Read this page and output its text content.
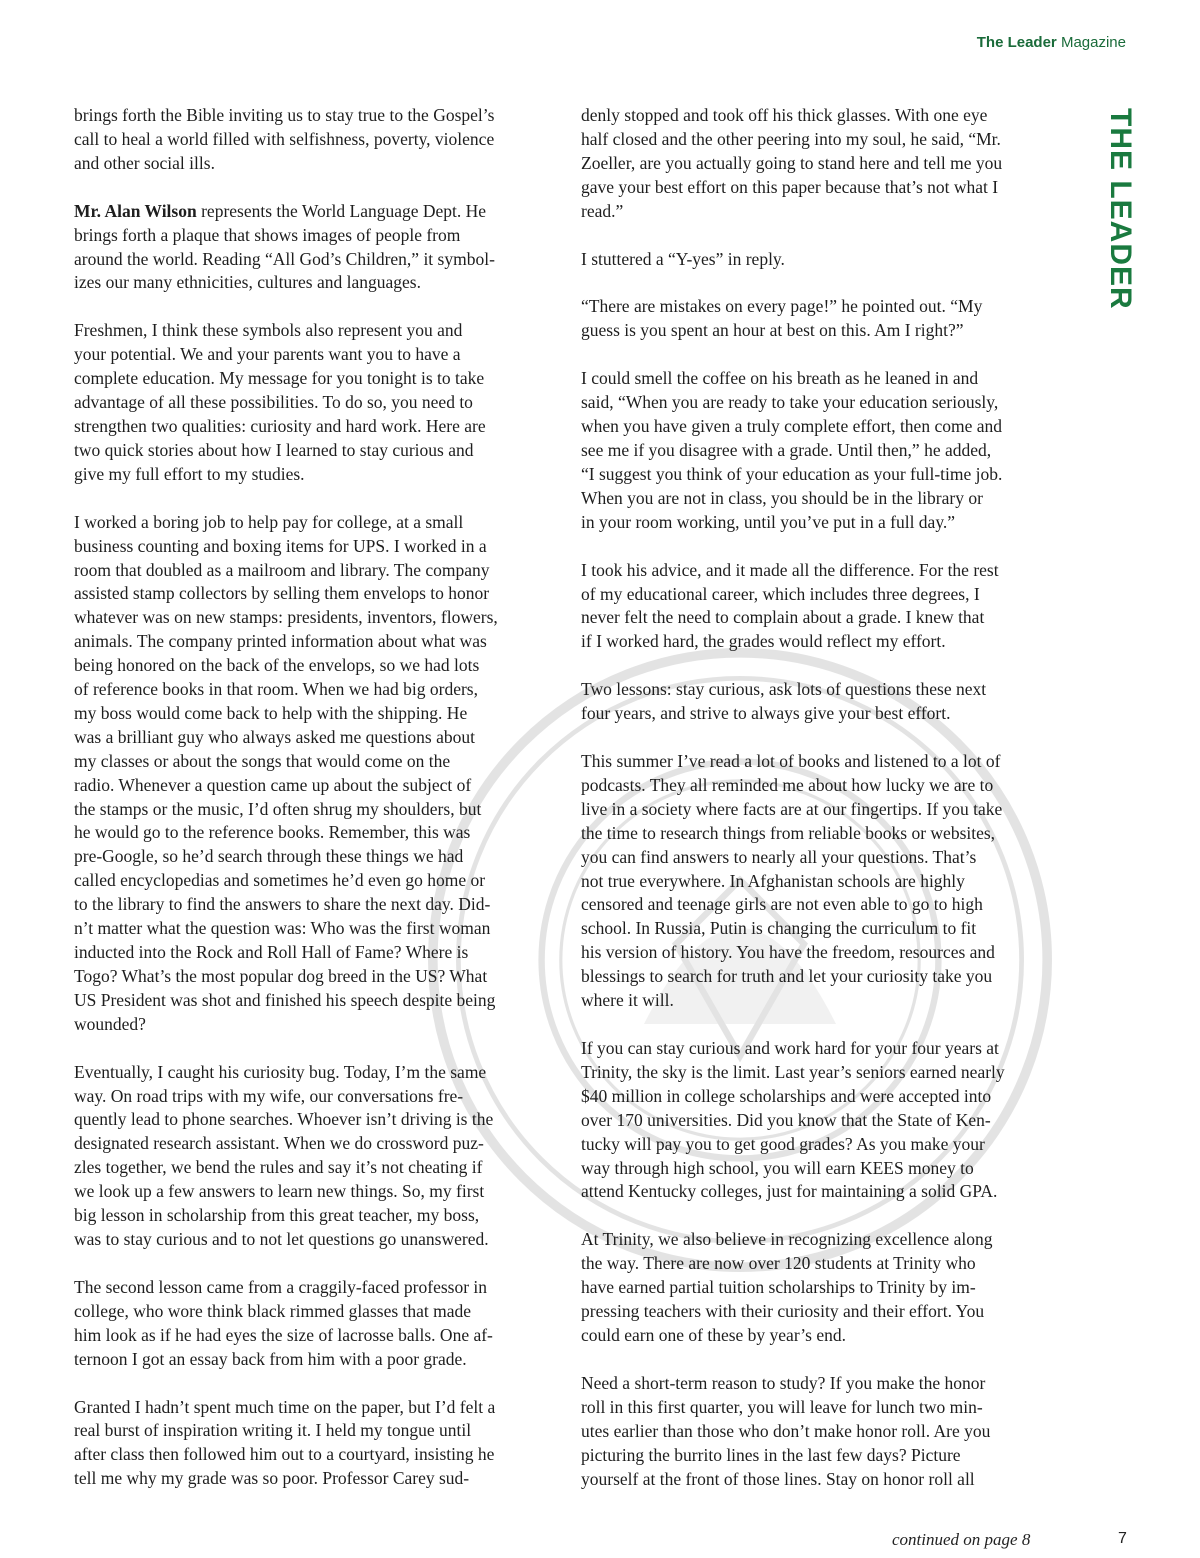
The Leader Magazine
THE LEADER

brings forth the Bible inviting us to stay true to the Gospel’s
call to heal a world filled with selfishness, poverty, violence
and other social ills.

Mr. Alan Wilson represents the World Language Dept. He
brings forth a plaque that shows images of people from
around the world. Reading “All God’s Children,” it symbol-
izes our many ethnicities, cultures and languages.

Freshmen, I think these symbols also represent you and
your potential. We and your parents want you to have a
complete education. My message for you tonight is to take
advantage of all these possibilities. To do so, you need to
strengthen two qualities: curiosity and hard work. Here are
two quick stories about how I learned to stay curious and
give my full effort to my studies.

I worked a boring job to help pay for college, at a small
business counting and boxing items for UPS. I worked in a
room that doubled as a mailroom and library. The company
assisted stamp collectors by selling them envelops to honor
whatever was on new stamps: presidents, inventors, flowers,
animals. The company printed information about what was
being honored on the back of the envelops, so we had lots
of reference books in that room. When we had big orders,
my boss would come back to help with the shipping. He
was a brilliant guy who always asked me questions about
my classes or about the songs that would come on the
radio. Whenever a question came up about the subject of
the stamps or the music, I’d often shrug my shoulders, but
he would go to the reference books. Remember, this was
pre-Google, so he’d search through these things we had
called encyclopedias and sometimes he’d even go home or
to the library to find the answers to share the next day. Did-
n’t matter what the question was: Who was the first woman
inducted into the Rock and Roll Hall of Fame? Where is
Togo? What’s the most popular dog breed in the US? What
US President was shot and finished his speech despite being
wounded?

Eventually, I caught his curiosity bug. Today, I’m the same
way. On road trips with my wife, our conversations fre-
quently lead to phone searches. Whoever isn’t driving is the
designated research assistant. When we do crossword puz-
zles together, we bend the rules and say it’s not cheating if
we look up a few answers to learn new things. So, my first
big lesson in scholarship from this great teacher, my boss,
was to stay curious and to not let questions go unanswered.

The second lesson came from a craggily-faced professor in
college, who wore think black rimmed glasses that made
him look as if he had eyes the size of lacrosse balls. One af-
ternoon I got an essay back from him with a poor grade.

Granted I hadn’t spent much time on the paper, but I’d felt a
real burst of inspiration writing it. I held my tongue until
after class then followed him out to a courtyard, insisting he
tell me why my grade was so poor. Professor Carey sud-

denly stopped and took off his thick glasses. With one eye
half closed and the other peering into my soul, he said, “Mr.
Zoeller, are you actually going to stand here and tell me you
gave your best effort on this paper because that’s not what I
read.”

I stuttered a “Y-yes” in reply.

“There are mistakes on every page!” he pointed out. “My
guess is you spent an hour at best on this. Am I right?”

I could smell the coffee on his breath as he leaned in and
said, “When you are ready to take your education seriously,
when you have given a truly complete effort, then come and
see me if you disagree with a grade. Until then,” he added,
“I suggest you think of your education as your full-time job.
When you are not in class, you should be in the library or
in your room working, until you’ve put in a full day.”

I took his advice, and it made all the difference. For the rest
of my educational career, which includes three degrees, I
never felt the need to complain about a grade. I knew that
if I worked hard, the grades would reflect my effort.

Two lessons: stay curious, ask lots of questions these next
four years, and strive to always give your best effort.

This summer I’ve read a lot of books and listened to a lot of
podcasts. They all reminded me about how lucky we are to
live in a society where facts are at our fingertips. If you take
the time to research things from reliable books or websites,
you can find answers to nearly all your questions. That’s
not true everywhere. In Afghanistan schools are highly
censored and teenage girls are not even able to go to high
school. In Russia, Putin is changing the curriculum to fit
his version of history. You have the freedom, resources and
blessings to search for truth and let your curiosity take you
where it will.

If you can stay curious and work hard for your four years at
Trinity, the sky is the limit. Last year’s seniors earned nearly
$40 million in college scholarships and were accepted into
over 170 universities. Did you know that the State of Ken-
tucky will pay you to get good grades? As you make your
way through high school, you will earn KEES money to
attend Kentucky colleges, just for maintaining a solid GPA.

At Trinity, we also believe in recognizing excellence along
the way. There are now over 120 students at Trinity who
have earned partial tuition scholarships to Trinity by im-
pressing teachers with their curiosity and their effort. You
could earn one of these by year’s end.

Need a short-term reason to study? If you make the honor
roll in this first quarter, you will leave for lunch two min-
utes earlier than those who don’t make honor roll. Are you
picturing the burrito lines in the last few days? Picture
yourself at the front of those lines. Stay on honor roll all

continued on page 8	7
